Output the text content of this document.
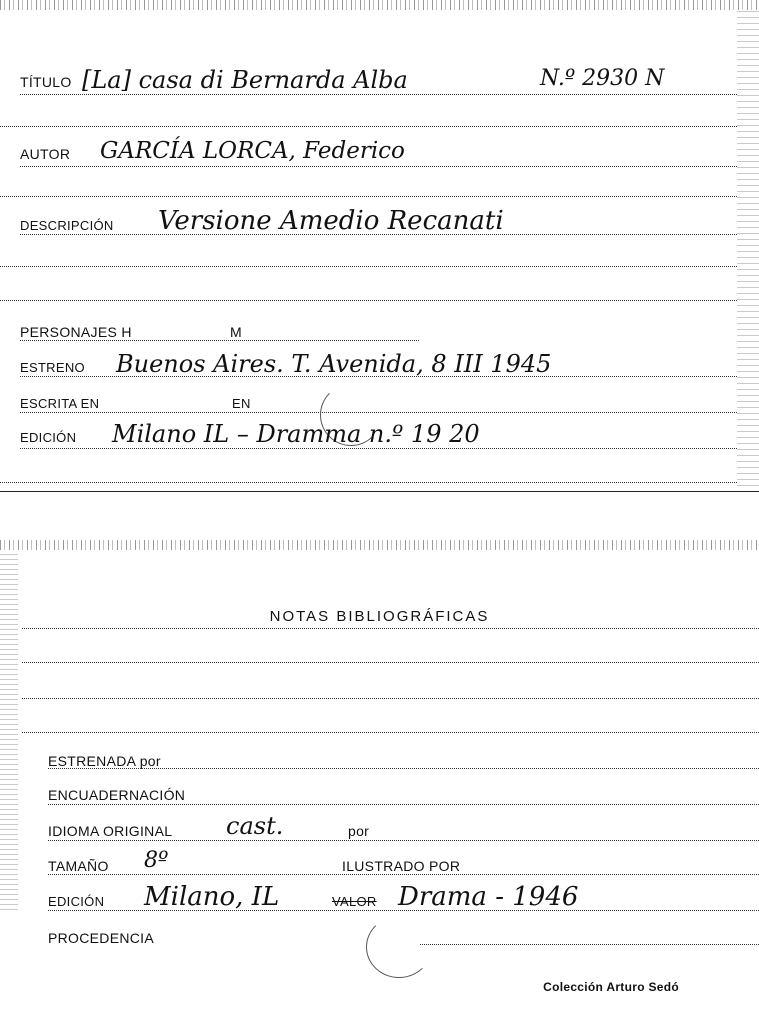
TÍTULO [La] casa di Bernarda Alba	N.º 2930 N
AUTOR GARCÍA LORCA, Federico
DESCRIPCIÓN Versione Amedio Recanati
PERSONAJES H	M
ESTRENO Buenos Aires. T. Avenida, 8 III 1945
ESCRITA EN	EN
EDICIÓN Milano IL – Dramma n.º 19 20
NOTAS BIBLIOGRÁFICAS
ESTRENADA por
ENCUADERNACIÓN
IDIOMA ORIGINAL cast.	por
TAMAÑO 8º	ILUSTRADO POR
EDICIÓN Milano, IL	VALOR Drama - 1946
PROCEDENCIA
Colección Arturo Sedó
